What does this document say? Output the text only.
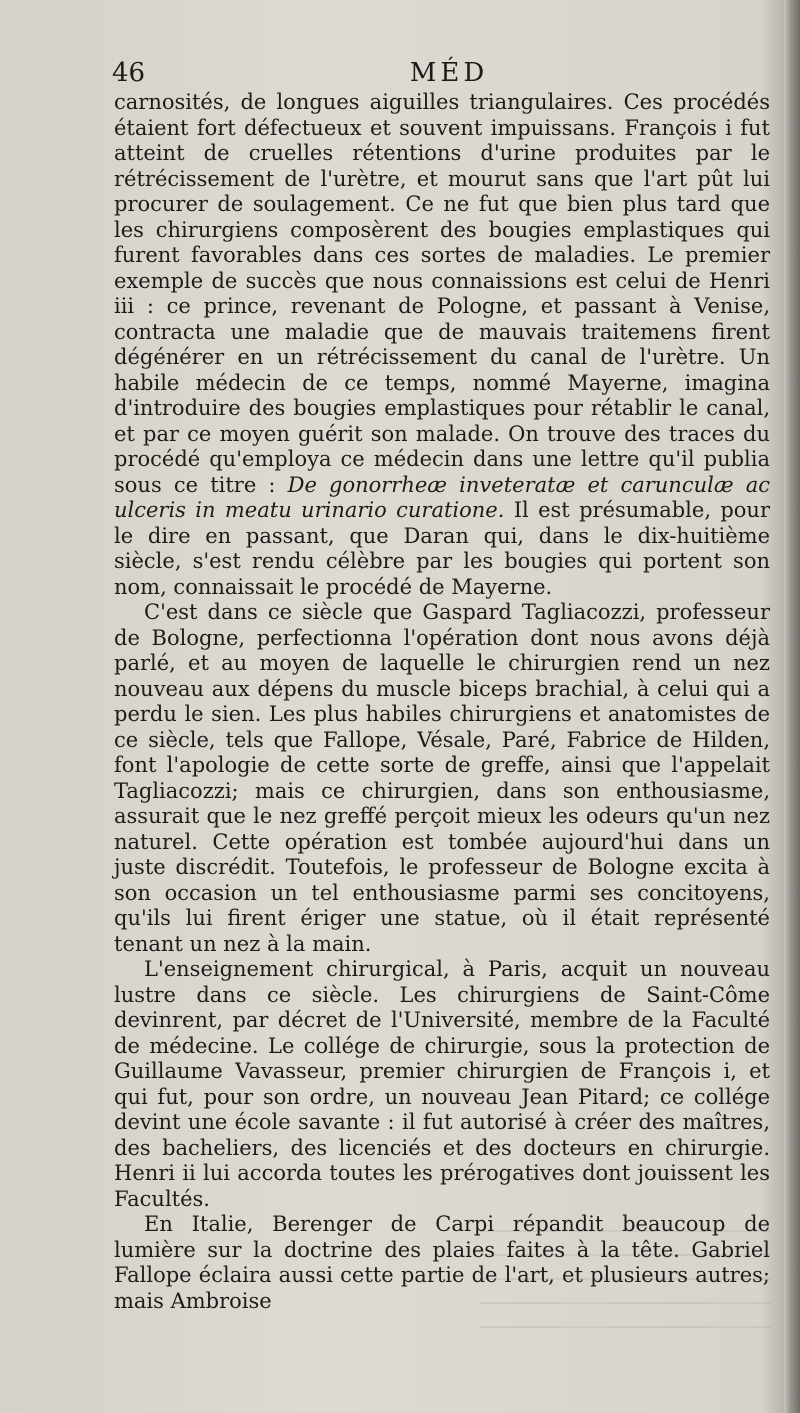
46	MÉD

carnosités, de longues aiguilles triangulaires. Ces procédés étaient fort défectueux et souvent impuissans. François i fut atteint de cruelles rétentions d'urine produites par le rétrécissement de l'urètre, et mourut sans que l'art pût lui procurer de soulagement. Ce ne fut que bien plus tard que les chirurgiens composèrent des bougies emplastiques qui furent favorables dans ces sortes de maladies. Le premier exemple de succès que nous connaissions est celui de Henri iii : ce prince, revenant de Pologne, et passant à Venise, contracta une maladie que de mauvais traitemens firent dégénérer en un rétrécissement du canal de l'urètre. Un habile médecin de ce temps, nommé Mayerne, imagina d'introduire des bougies emplastiques pour rétablir le canal, et par ce moyen guérit son malade. On trouve des traces du procédé qu'employa ce médecin dans une lettre qu'il publia sous ce titre : De gonorrheæ inveteratæ et carunculæ ac ulceris in meatu urinario curatione. Il est présumable, pour le dire en passant, que Daran qui, dans le dix-huitième siècle, s'est rendu célèbre par les bougies qui portent son nom, connaissait le procédé de Mayerne.

C'est dans ce siècle que Gaspard Tagliacozzi, professeur de Bologne, perfectionna l'opération dont nous avons déjà parlé, et au moyen de laquelle le chirurgien rend un nez nouveau aux dépens du muscle biceps brachial, à celui qui a perdu le sien. Les plus habiles chirurgiens et anatomistes de ce siècle, tels que Fallope, Vésale, Paré, Fabrice de Hilden, font l'apologie de cette sorte de greffe, ainsi que l'appelait Tagliacozzi; mais ce chirurgien, dans son enthousiasme, assurait que le nez greffé perçoit mieux les odeurs qu'un nez naturel. Cette opération est tombée aujourd'hui dans un juste discrédit. Toutefois, le professeur de Bologne excita à son occasion un tel enthousiasme parmi ses concitoyens, qu'ils lui firent ériger une statue, où il était représenté tenant un nez à la main.

L'enseignement chirurgical, à Paris, acquit un nouveau lustre dans ce siècle. Les chirurgiens de Saint-Côme devinrent, par décret de l'Université, membre de la Faculté de médecine. Le collége de chirurgie, sous la protection de Guillaume Vavasseur, premier chirurgien de François i, et qui fut, pour son ordre, un nouveau Jean Pitard; ce collége devint une école savante : il fut autorisé à créer des maîtres, des bacheliers, des licenciés et des docteurs en chirurgie. Henri ii lui accorda toutes les prérogatives dont jouissent les Facultés.

En Italie, Berenger de Carpi répandit beaucoup de lumière sur la doctrine des plaies faites à la tête. Gabriel Fallope éclaira aussi cette partie de l'art, et plusieurs autres; mais Ambroise
